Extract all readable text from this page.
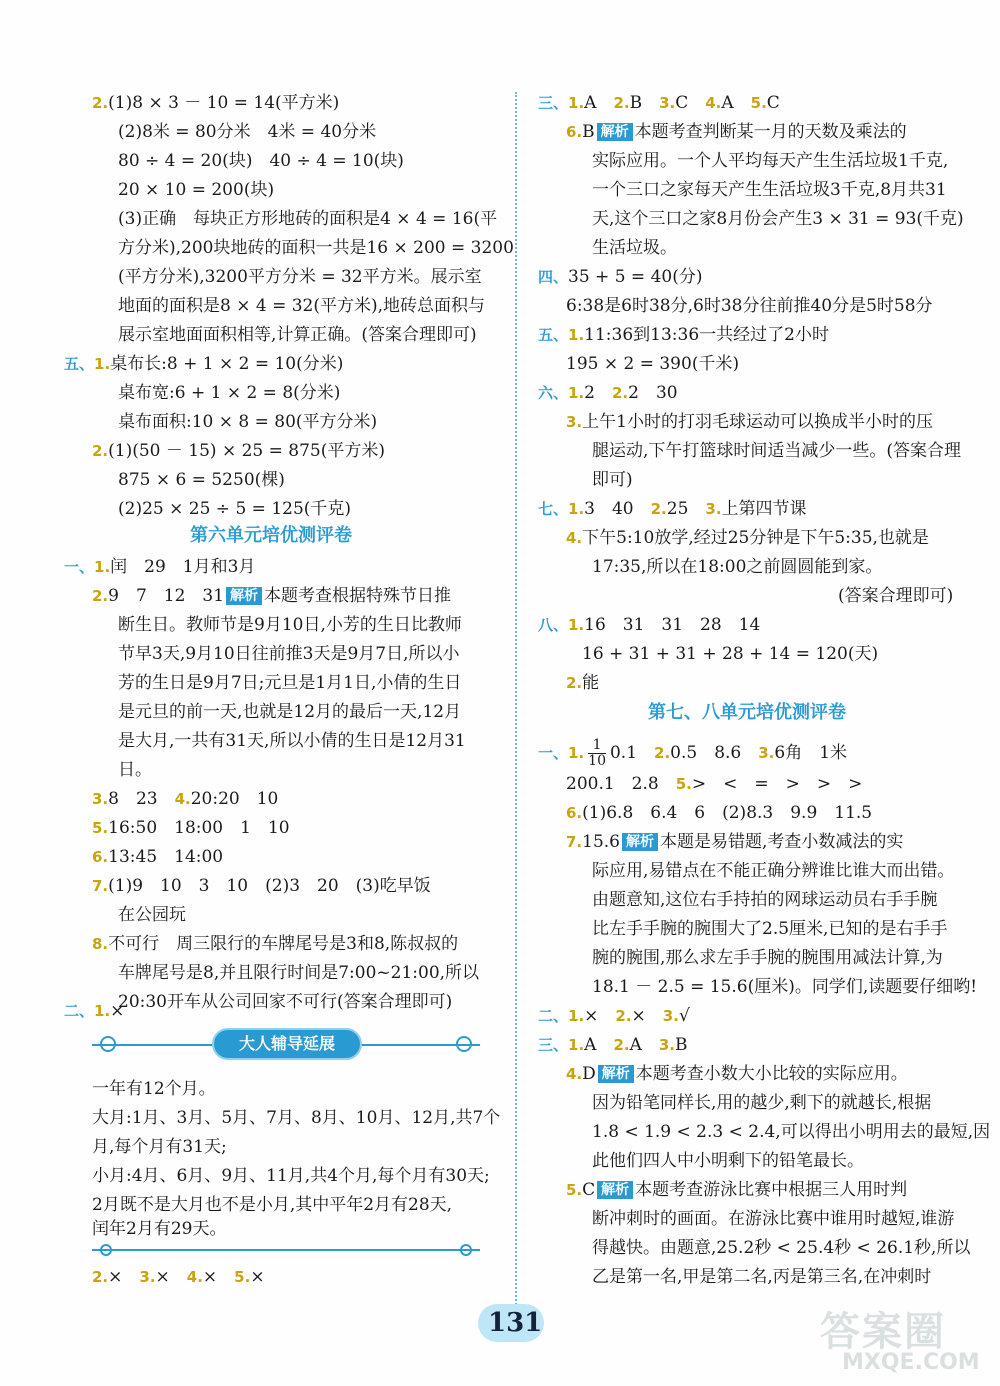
2.(1)8 × 3 － 10 = 14(平方米)
(2)8米 = 80分米　4米 = 40分米
80 ÷ 4 = 20(块)　40 ÷ 4 = 10(块)
20 × 10 = 200(块)
(3)正确　每块正方形地砖的面积是4 × 4 = 16(平
方分米),200块地砖的面积一共是16 × 200 = 3200
(平方分米),3200平方分米 = 32平方米。展示室
地面的面积是8 × 4 = 32(平方米),地砖总面积与
展示室地面面积相等,计算正确。(答案合理即可)
五、1.桌布长:8 + 1 × 2 = 10(分米)
桌布宽:6 + 1 × 2 = 8(分米)
桌布面积:10 × 8 = 80(平方分米)
2.(1)(50 － 15) × 25 = 875(平方米)
875 × 6 = 5250(棵)
(2)25 × 25 ÷ 5 = 125(千克)
第六单元培优测评卷
一、1.闰　29　1月和3月
2.9　7　12　31 解析 本题考查根据特殊节日推
断生日。教师节是9月10日,小芳的生日比教师
节早3天,9月10日往前推3天是9月7日,所以小
芳的生日是9月7日;元旦是1月1日,小倩的生日
是元旦的前一天,也就是12月的最后一天,12月
是大月,一共有31天,所以小倩的生日是12月31
日。
3.8　23　 4.20:20　10
5.16:50　18:00　1　10
6.13:45　14:00
7.(1)9　10　3　10　(2)3　20　(3)吃早饭
在公园玩
8.不可行　周三限行的车牌尾号是3和8,陈叔叔的
车牌尾号是8,并且限行时间是7:00~21:00,所以
20:30开车从公司回家不可行(答案合理即可)
二、1.×
大人辅导延展
一年有12个月。
大月:1月、3月、5月、7月、8月、10月、12月,共7个
月,每个月有31天;
小月:4月、6月、9月、11月,共4个月,每个月有30天;
2月既不是大月也不是小月,其中平年2月有28天,
闰年2月有29天。
2.×　 3.×　 4.×　 5.×
三、1.A　 2.B　 3.C　 4.A　 5.C
6.B 解析 本题考查判断某一月的天数及乘法的
实际应用。一个人平均每天产生生活垃圾1千克,
一个三口之家每天产生生活垃圾3千克,8月共31
天,这个三口之家8月份会产生3 × 31 = 93(千克)
生活垃圾。
四、35 + 5 = 40(分)
6:38是6时38分,6时38分往前推40分是5时58分
五、1.11:36到13:36一共经过了2小时
195 × 2 = 390(千米)
六、1.2　 2.2　30
3.上午1小时的打羽毛球运动可以换成半小时的压
腿运动,下午打篮球时间适当减少一些。(答案合理
即可)
七、1.3　40　 2.25　 3.上第四节课
4.下午5:10放学,经过25分钟是下午5:35,也就是
17:35,所以在18:00之前圆圆能到家。
(答案合理即可)
八、1.16　31　31　28　14
16 + 31 + 31 + 28 + 14 = 120(天)
2.能
第七、八单元培优测评卷
一、1. $\frac{1}{10} 0.1$　 2.0.5　8.6　 3.6角　1米
200.1　2.8　 5.>　<　=　>　>　>
6.(1)6.8　6.4　6　(2)8.3　9.9　11.5
7.15.6 解析 本题是易错题,考查小数减法的实
际应用,易错点在不能正确分辨谁比谁大而出错。
由题意知,这位右手持拍的网球运动员右手手腕
比左手手腕的腕围大了2.5厘米,已知的是右手手
腕的腕围,那么求左手手腕的腕围用减法计算,为
18.1 － 2.5 = 15.6(厘米)。同学们,读题要仔细哟!
二、1.×　 2.×　 3.√
三、1.A　 2.A　 3.B
4.D 解析 本题考查小数大小比较的实际应用。
因为铅笔同样长,用的越少,剩下的就越长,根据
1.8 < 1.9 < 2.3 < 2.4,可以得出小明用去的最短,因
此他们四人中小明剩下的铅笔最长。
5.C 解析 本题考查游泳比赛中根据三人用时判
断冲刺时的画面。在游泳比赛中谁用时越短,谁游
得越快。由题意,25.2秒 < 25.4秒 < 26.1秒,所以
乙是第一名,甲是第二名,丙是第三名,在冲刺时
131	答案圈
MXQE.COM
